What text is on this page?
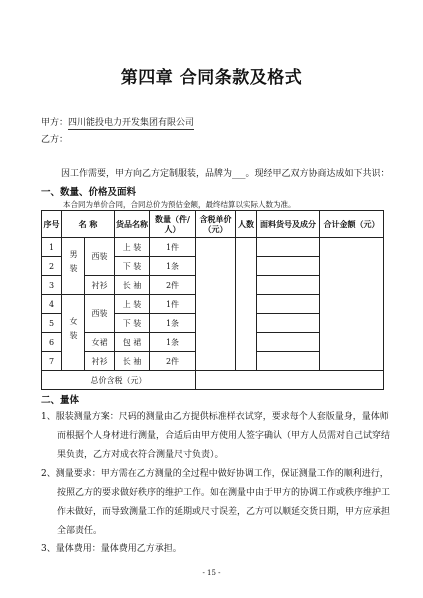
第四章 合同条款及格式
甲方：四川能投电力开发集团有限公司
乙方：
因工作需要，甲方向乙方定制服装，品牌为___。现经甲乙双方协商达成如下共识：
一、数量、价格及面料
本合同为单价合同，合同总价为预估金额，最终结算以实际人数为准。
序号	名 称		货品名称	数量（件/人）	含税单价（元）	人数	面料货号及成分	合计金额（元）
1	男装	西装	上 装	1件				
2			下 装	1条				
3		衬衫	长 袖	2件				
4	女装	西装	上 装	1件				
5			下 装	1条				
6		女裙	包 裙	1条				
7		衬衫	长 袖	2件				
总价含税（元）								
二、量体
1、服装测量方案：尺码的测量由乙方提供标准样衣试穿，要求每个人套版量身，量体师
而根据个人身材进行测量，合适后由甲方使用人签字确认（甲方人员需对自己试穿结
果负责，乙方对成衣符合测量尺寸负责）。
2、测量要求：甲方需在乙方测量的全过程中做好协调工作，保证测量工作的顺利进行，
按照乙方的要求做好秩序的维护工作。如在测量中由于甲方的协调工作或秩序维护工
作未做好，而导致测量工作的延期或尺寸误差，乙方可以顺延交货日期，甲方应承担
全部责任。
3、量体费用：量体费用乙方承担。
- 15 -
